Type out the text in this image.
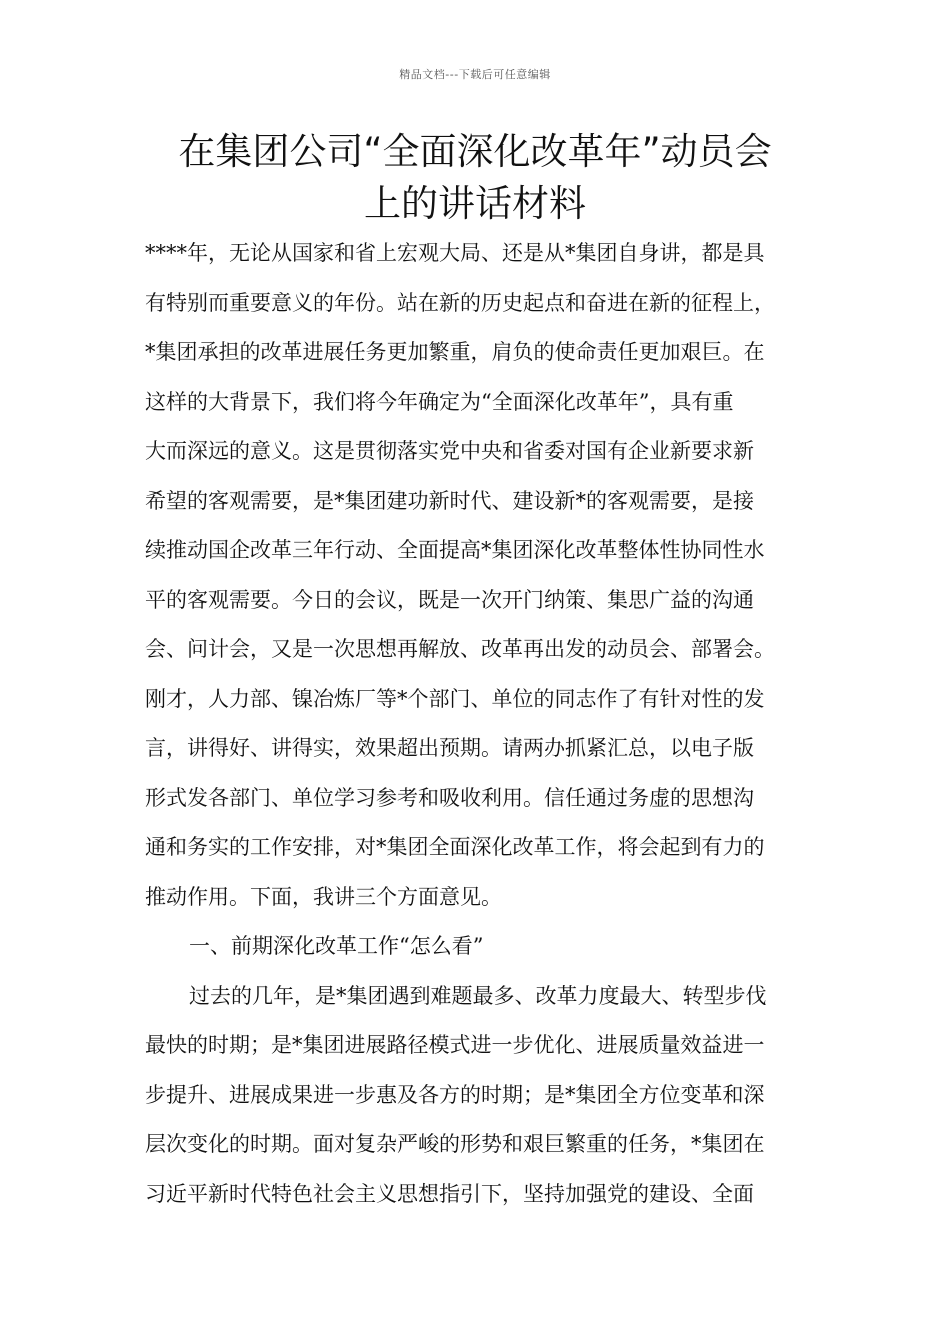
精品文档---下载后可任意编辑
在集团公司“全面深化改革年”动员会
上的讲话材料
****年，无论从国家和省上宏观大局、还是从*集团自身讲，都是具
有特别而重要意义的年份。站在新的历史起点和奋进在新的征程上，
*集团承担的改革进展任务更加繁重，肩负的使命责任更加艰巨。在
这样的大背景下，我们将今年确定为“全面深化改革年”，具有重
大而深远的意义。这是贯彻落实党中央和省委对国有企业新要求新
希望的客观需要，是*集团建功新时代、建设新*的客观需要，是接
续推动国企改革三年行动、全面提高*集团深化改革整体性协同性水
平的客观需要。今日的会议，既是一次开门纳策、集思广益的沟通
会、问计会，又是一次思想再解放、改革再出发的动员会、部署会。
刚才，人力部、镍冶炼厂等*个部门、单位的同志作了有针对性的发
言，讲得好、讲得实，效果超出预期。请两办抓紧汇总，以电子版
形式发各部门、单位学习参考和吸收利用。信任通过务虚的思想沟
通和务实的工作安排，对*集团全面深化改革工作，将会起到有力的
推动作用。下面，我讲三个方面意见。
一、前期深化改革工作“怎么看”
过去的几年，是*集团遇到难题最多、改革力度最大、转型步伐
最快的时期；是*集团进展路径模式进一步优化、进展质量效益进一
步提升、进展成果进一步惠及各方的时期；是*集团全方位变革和深
层次变化的时期。面对复杂严峻的形势和艰巨繁重的任务，*集团在
习近平新时代特色社会主义思想指引下，坚持加强党的建设、全面
